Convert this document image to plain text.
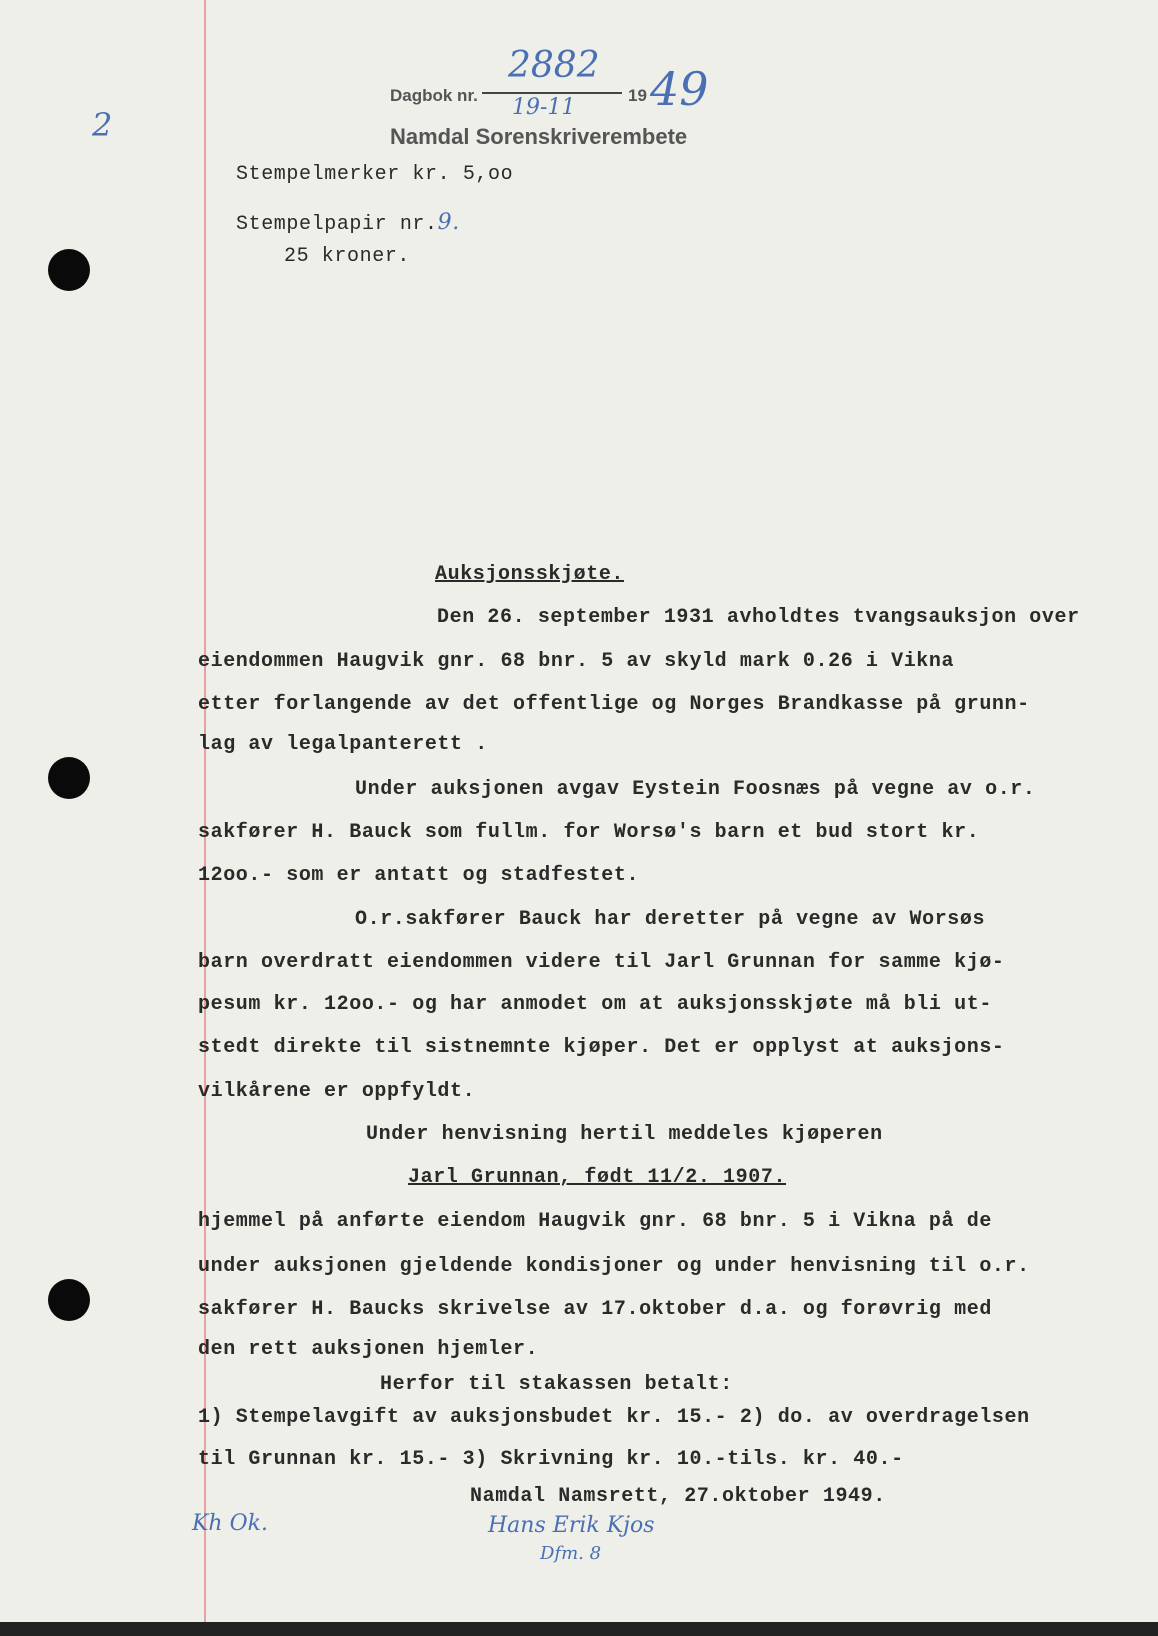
2
Dagbok nr.
2882
19 49
19-11
Namdal Sorenskriverembete
Stempelmerker kr. 5,oo
Stempelpapir nr.9.
25 kroner.
Auksjonsskjøte.
Den 26. september 1931 avholdtes tvangsauksjon over
eiendommen Haugvik gnr. 68 bnr. 5 av skyld mark 0.26 i Vikna
etter forlangende av det offentlige og Norges Brandkasse på grunn-
lag av legalpanterett .
Under auksjonen avgav Eystein Foosnæs på vegne av o.r.
sakfører H. Bauck som fullm. for Worsø's barn et bud stort kr.
12oo.- som er antatt og stadfestet.
O.r.sakfører Bauck har deretter på vegne av Worsøs
barn overdratt eiendommen videre til Jarl Grunnan for samme kjø-
pesum kr. 12oo.- og har anmodet om at auksjonsskjøte må bli ut-
stedt direkte til sistnemnte kjøper. Det er opplyst at auksjons-
vilkårene er oppfyldt.
Under henvisning hertil meddeles kjøperen
Jarl Grunnan, født 11/2. 1907.
hjemmel på anførte eiendom Haugvik gnr. 68 bnr. 5 i Vikna på de
under auksjonen gjeldende kondisjoner og under henvisning til o.r.
sakfører H. Baucks skrivelse av 17.oktober d.a. og forøvrig med
den rett auksjonen hjemler.
Herfor til stakassen betalt:
1) Stempelavgift av auksjonsbudet kr. 15.- 2) do. av overdragelsen
til Grunnan kr. 15.- 3) Skrivning kr. 10.-tils. kr. 40.-
Namdal Namsrett, 27.oktober 1949.
Kh Ok.	Hans Erik Kjos
Dfm. 8
